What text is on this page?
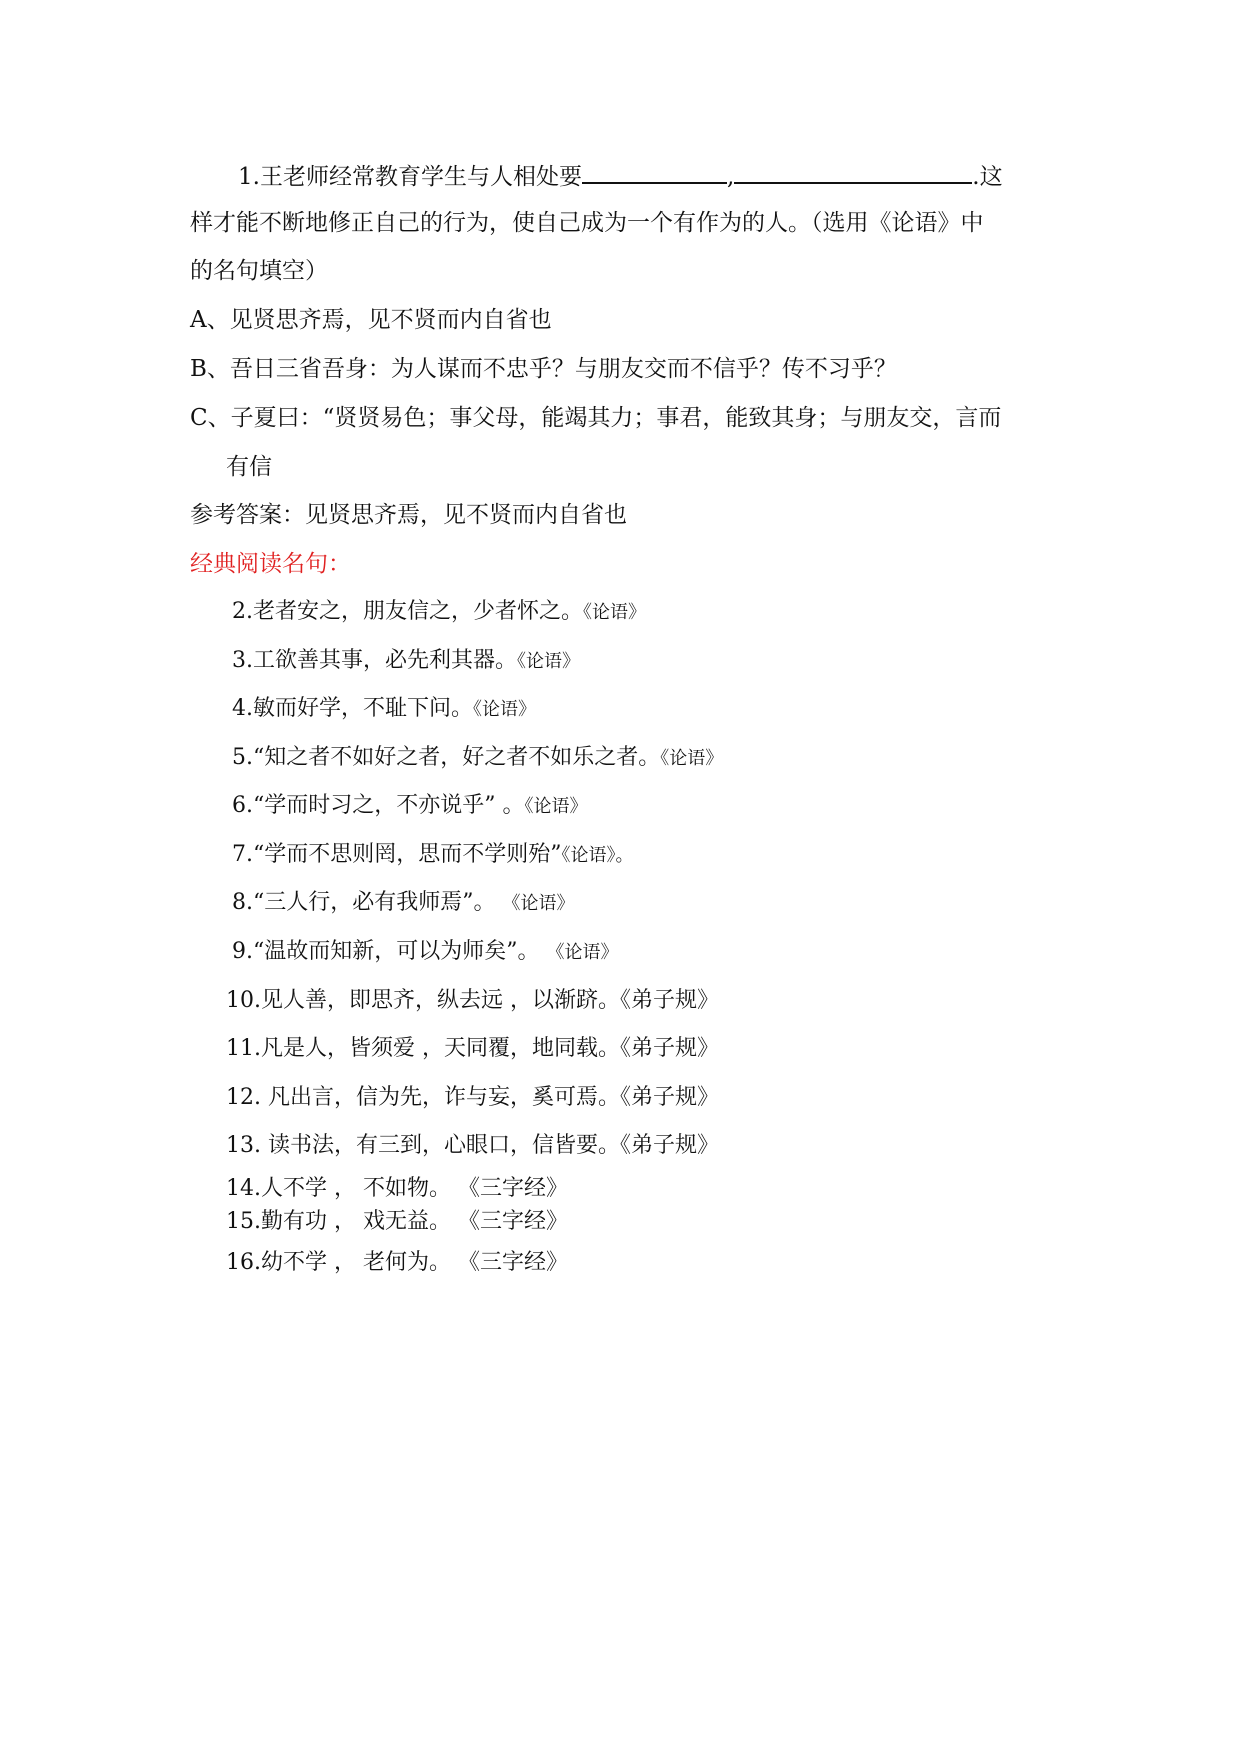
1.王老师经常教育学生与人相处要	,	.这
样才能不断地修正自己的行为，使自己成为一个有作为的人。（选用《论语》中
的名句填空）
A、见贤思齐焉，见不贤而内自省也
B、吾日三省吾身：为人谋而不忠乎？与朋友交而不信乎？传不习乎？
C、子夏曰：“贤贤易色；事父母，能竭其力；事君，能致其身；与朋友交，言而
有信
参考答案：见贤思齐焉，见不贤而内自省也
经典阅读名句：
2.老者安之，朋友信之，少者怀之。《论语》
3.工欲善其事，必先利其器。《论语》
4.敏而好学，不耻下问。《论语》
5.“知之者不如好之者，好之者不如乐之者。《论语》
6.“学而时习之，不亦说乎” 。《论语》
7.“学而不思则罔，思而不学则殆”《论语》。
8.“三人行，必有我师焉”。 《论语》
9.“温故而知新，可以为师矣”。 《论语》
10.见人善，即思齐，纵去远 ，以渐跻。《弟子规》
11.凡是人，皆须爱 ，天同覆，地同载。《弟子规》
12. 凡出言，信为先，诈与妄，奚可焉。《弟子规》
13. 读书法，有三到，心眼口，信皆要。《弟子规》
14.人不学 ， 不如物。 《三字经》
15.勤有功 ， 戏无益。 《三字经》
16.幼不学 ， 老何为。 《三字经》
